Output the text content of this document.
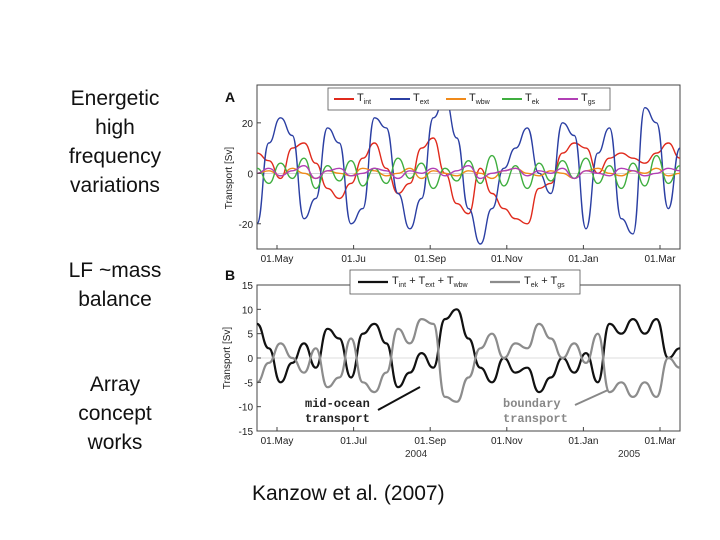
Energetic
high
frequency
variations
LF ~mass
balance
Array
concept
works
A
-20
0
20
01.May	01.Ju	01.Sep	01.Nov	01.Jan	01.Mar
Transport [Sv]
$T_{int}$	$T_{ext}$	$T_{wbw}$	$T_{ek}$	$T_{gs}$
B
-15
-10
-5
0
5
10
15
01.May	01.Jul	01.Sep	01.Nov	01.Jan	01.Mar
Transport [Sv]
$T_{int} + T_{ext} + T_{wbw}$	$T_{ek} + T_{gs}$
2004	2005
mid-ocean
transport
boundary
transport
Kanzow et al. (2007)
